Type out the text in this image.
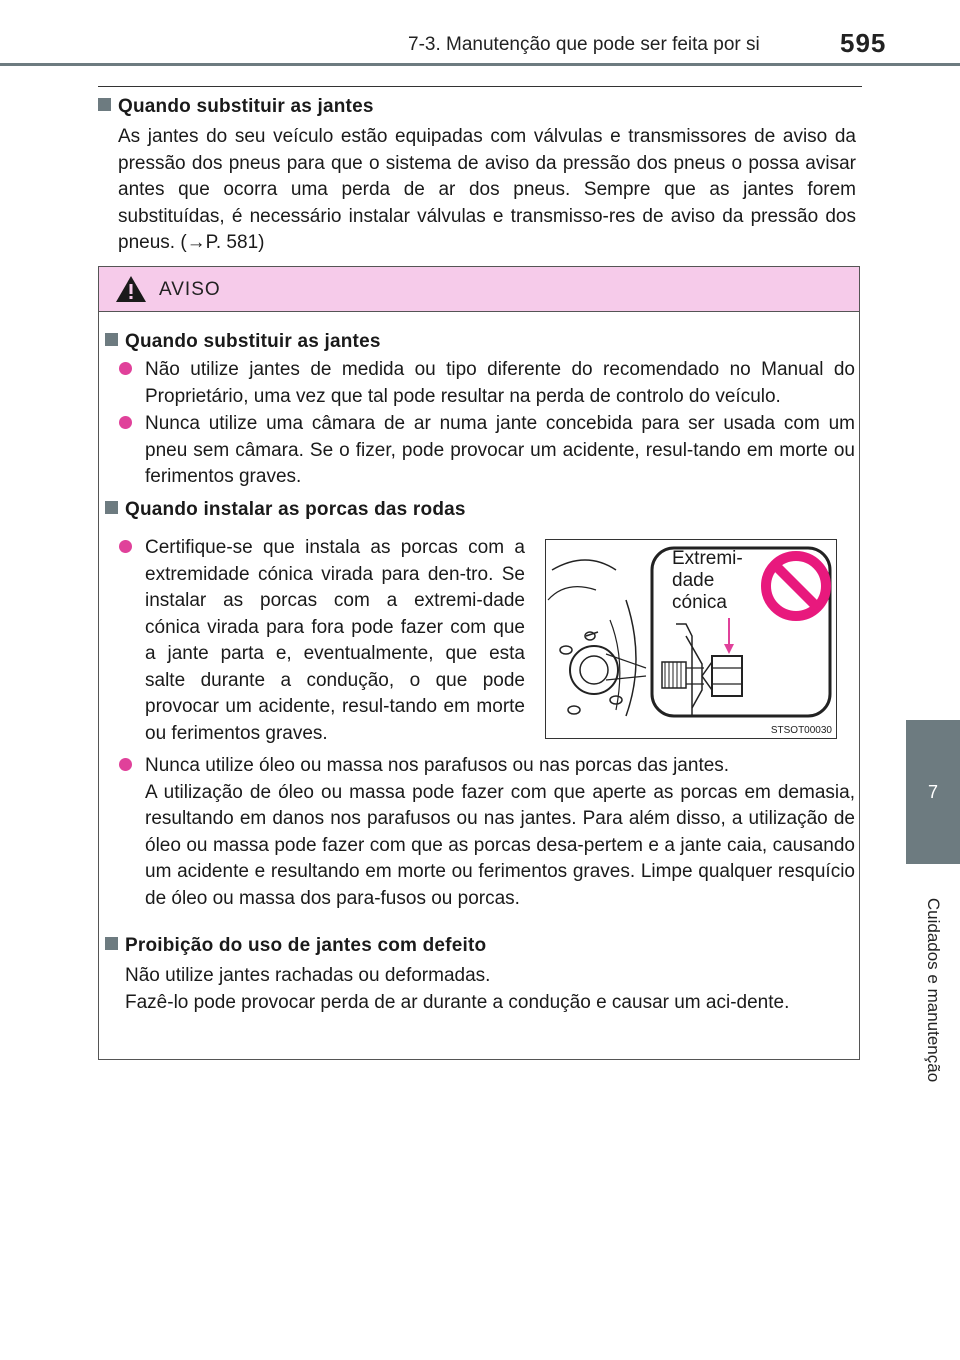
7-3. Manutenção que pode ser feita por si	595
7
Cuidados e manutenção
Quando substituir as jantes
As jantes do seu veículo estão equipadas com válvulas e transmissores de aviso da pressão dos pneus para que o sistema de aviso da pressão dos pneus o possa avisar antes que ocorra uma perda de ar dos pneus. Sempre que as jantes forem substituídas, é necessário instalar válvulas e transmisso-res de aviso da pressão dos pneus. (→P. 581)
AVISO
Quando substituir as jantes
Não utilize jantes de medida ou tipo diferente do recomendado no Manual do Proprietário, uma vez que tal pode resultar na perda de controlo do veículo.
Nunca utilize uma câmara de ar numa jante concebida para ser usada com um pneu sem câmara. Se o fizer, pode provocar um acidente, resul-tando em morte ou ferimentos graves.
Quando instalar as porcas das rodas
Certifique-se que instala as porcas com a extremidade cónica virada para den-tro. Se instalar as porcas com a extremi-dade cónica virada para fora pode fazer com que a jante parta e, eventualmente, que esta salte durante a condução, o que pode provocar um acidente, resul-tando em morte ou ferimentos graves.
Extremi-
dade
cónica
STSOT00030
Nunca utilize óleo ou massa nos parafusos ou nas porcas das jantes.
A utilização de óleo ou massa pode fazer com que aperte as porcas em demasia, resultando em danos nos parafusos ou nas jantes. Para além disso, a utilização de óleo ou massa pode fazer com que as porcas desa-pertem e a jante caia, causando um acidente e resultando em morte ou ferimentos graves. Limpe qualquer resquício de óleo ou massa dos para-fusos ou porcas.
Proibição do uso de jantes com defeito
Não utilize jantes rachadas ou deformadas.
Fazê-lo pode provocar perda de ar durante a condução e causar um aci-dente.
